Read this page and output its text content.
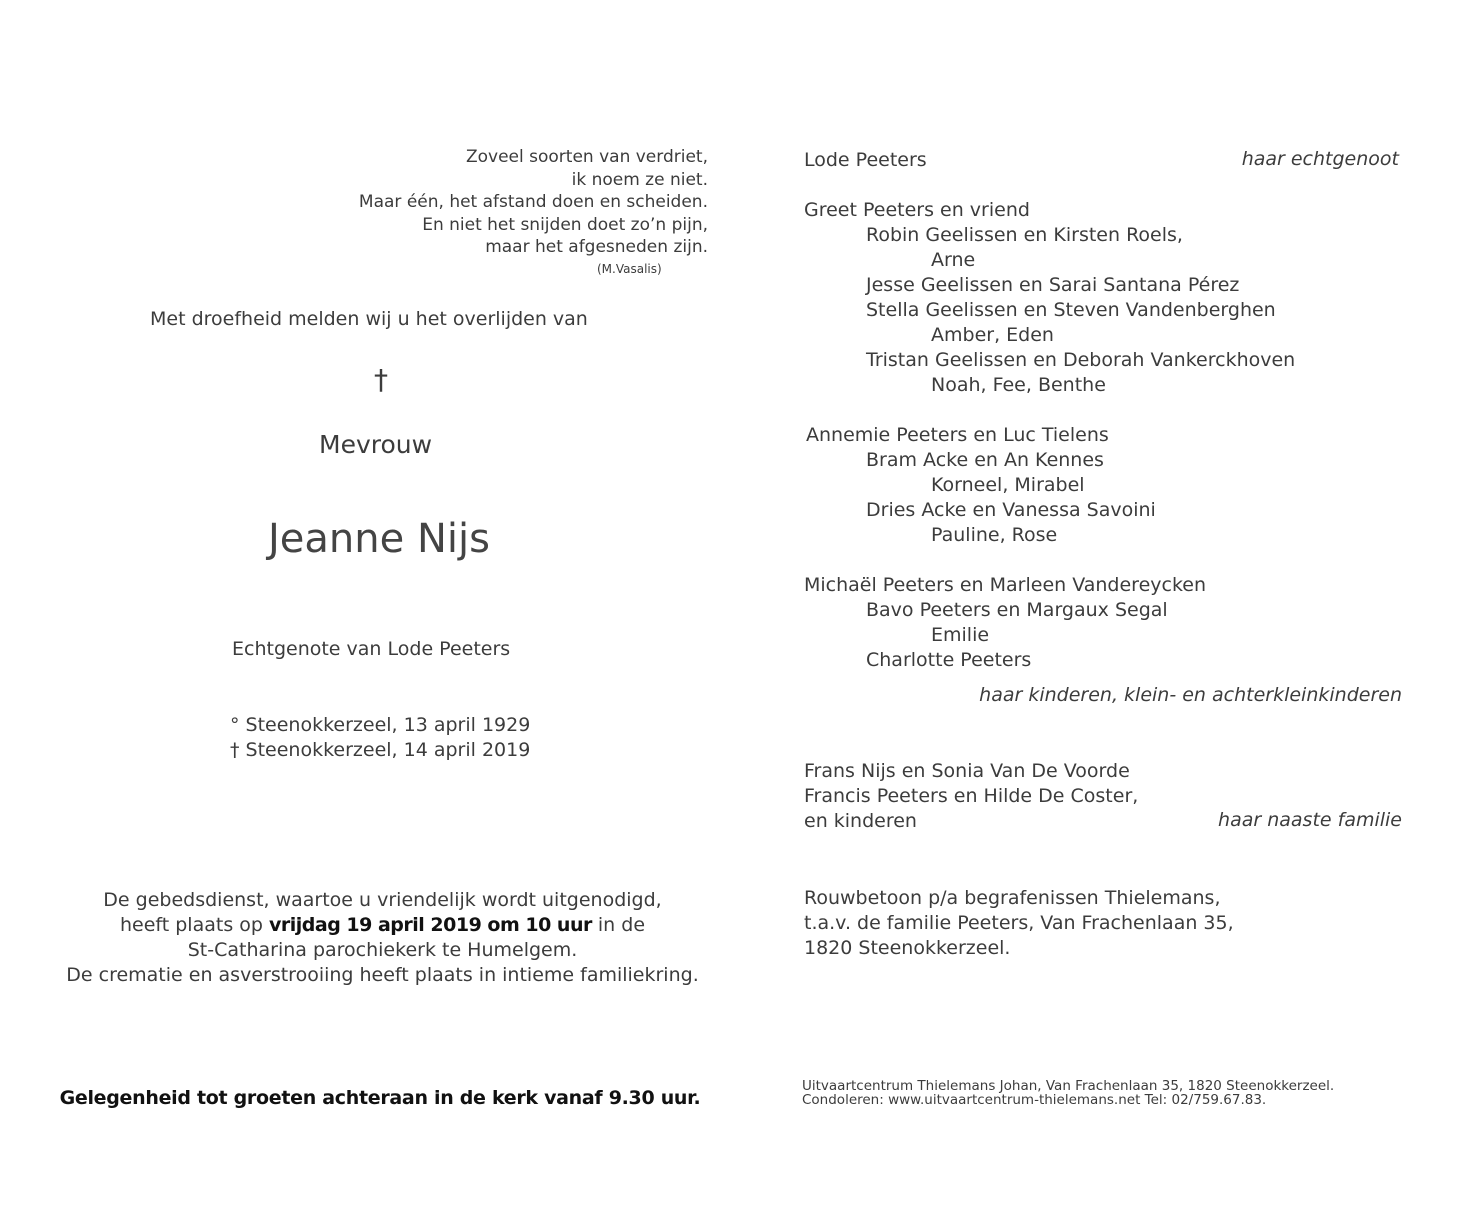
Zoveel soorten van verdriet,
ik noem ze niet.
Maar één, het afstand doen en scheiden.
En niet het snijden doet zo’n pijn,
maar het afgesneden zijn.
(M.Vasalis)
Met droefheid melden wij u het overlijden van
†
Mevrouw
Jeanne Nijs
Echtgenote van Lode Peeters
° Steenokkerzeel, 13 april 1929
† Steenokkerzeel, 14 april 2019
De gebedsdienst, waartoe u vriendelijk wordt uitgenodigd,
heeft plaats op vrijdag 19 april 2019 om 10 uur in de
St-Catharina parochiekerk te Humelgem.
De crematie en asverstrooiing heeft plaats in intieme familiekring.
Gelegenheid tot groeten achteraan in de kerk vanaf 9.30 uur.
Lode Peeters	haar echtgenoot
Greet Peeters en vriend
Robin Geelissen en Kirsten Roels,
Arne
Jesse Geelissen en Sarai Santana Pérez
Stella Geelissen en Steven Vandenberghen
Amber, Eden
Tristan Geelissen en Deborah Vankerckhoven
Noah, Fee, Benthe
Annemie Peeters en Luc Tielens
Bram Acke en An Kennes
Korneel, Mirabel
Dries Acke en Vanessa Savoini
Pauline, Rose
Michaël Peeters en Marleen Vandereycken
Bavo Peeters en Margaux Segal
Emilie
Charlotte Peeters
haar kinderen, klein- en achterkleinkinderen
Frans Nijs en Sonia Van De Voorde
Francis Peeters en Hilde De Coster,
en kinderen	haar naaste familie
Rouwbetoon p/a begrafenissen Thielemans,
t.a.v. de familie Peeters, Van Frachenlaan 35,
1820 Steenokkerzeel.
Uitvaartcentrum Thielemans Johan, Van Frachenlaan 35, 1820 Steenokkerzeel.
Condoleren: www.uitvaartcentrum-thielemans.net Tel: 02/759.67.83.
